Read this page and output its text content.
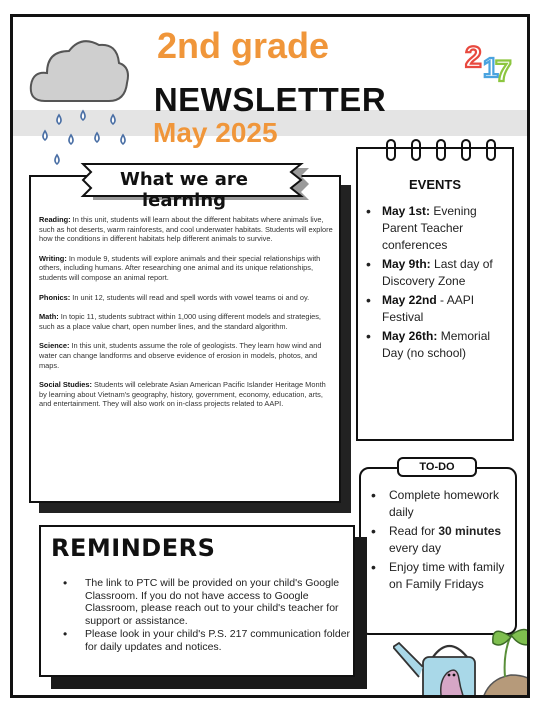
2nd grade
NEWSLETTER
May 2025
2 1
7
What we are learning

Reading: In this unit, students will learn about the different habitats where animals live, such as hot deserts, warm rainforests, and cool underwater habitats. Students will explore how the conditions in different habitats help different animals to survive.

Writing: In module 9, students will explore animals and their special relationships with others, including humans. After researching one animal and its unique relationships, students will compose an animal report.

Phonics: In unit 12, students will read and spell words with vowel teams oi and oy.

Math: In topic 11, students subtract within 1,000 using different models and strategies, such as a place value chart, open number lines, and the standard algorithm.

Science: In this unit, students assume the role of geologists. They learn how wind and water can change landforms and observe evidence of erosion in models, photos, and maps.

Social Studies: Students will celebrate Asian American Pacific Islander Heritage Month by learning about Vietnam's geography, history, government, economy, education, arts, and entertainment. They will also work on in-class projects related to AAPI.

EVENTS
• May 1st: Evening Parent Teacher conferences
• May 9th: Last day of Discovery Zone
• May 22nd - AAPI Festival
• May 26th: Memorial Day (no school)
TO-DO
• Complete homework daily
• Read for 30 minutes every day
• Enjoy time with family on Family Fridays
REMINDERS
• The link to PTC will be provided on your child's Google Classroom. If you do not have access to Google Classroom, please reach out to your child's teacher for support or assistance.
• Please look in your child's P.S. 217 communication folder for daily updates and notices.
